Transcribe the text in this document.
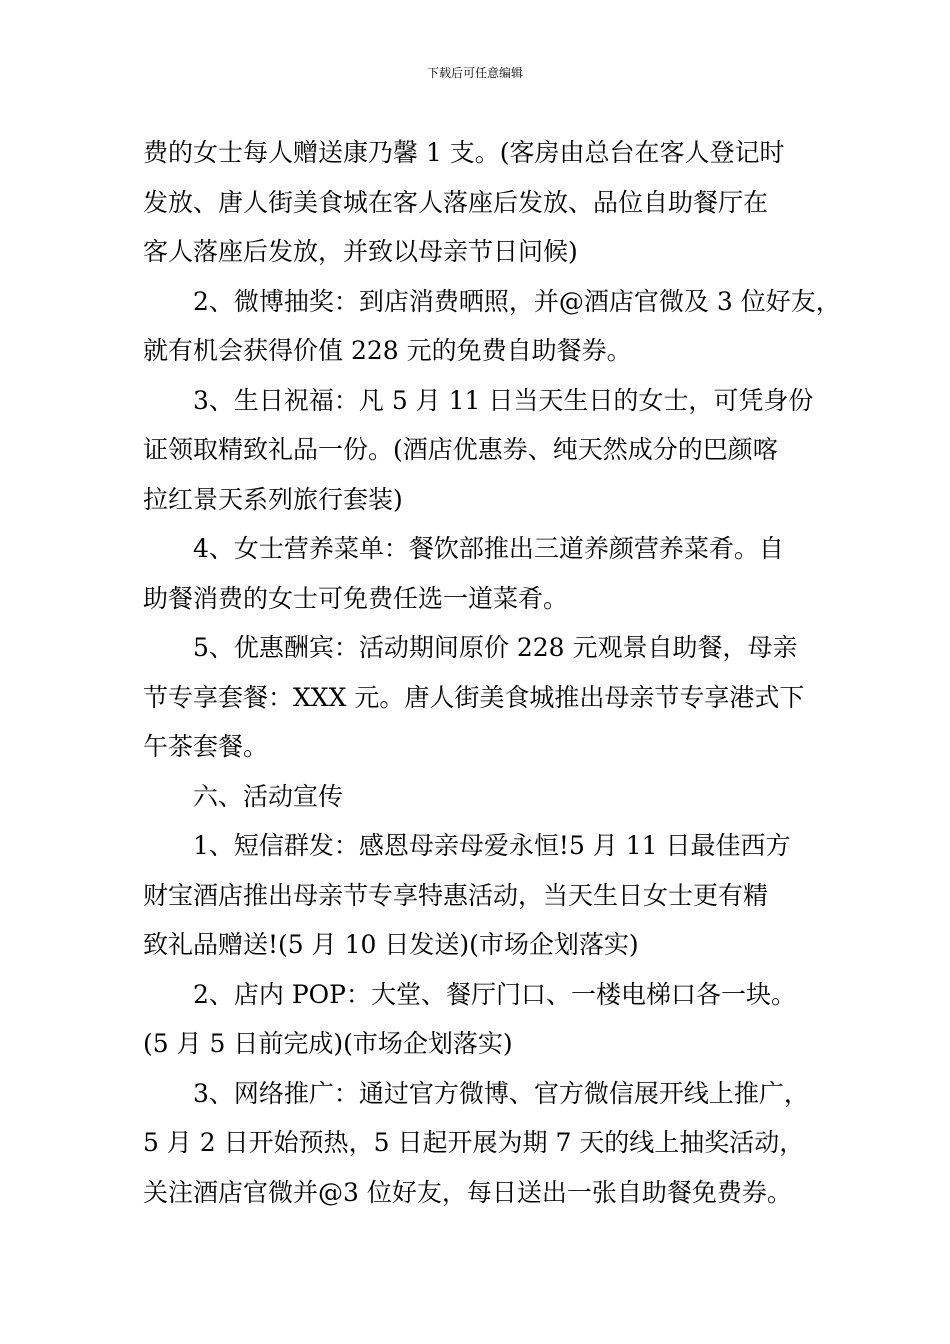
下载后可任意编辑
费的女士每人赠送康乃馨 1 支。(客房由总台在客人登记时
发放、唐人街美食城在客人落座后发放、品位自助餐厅在
客人落座后发放，并致以母亲节日问候)
2、微博抽奖：到店消费晒照，并@酒店官微及 3 位好友，
就有机会获得价值 228 元的免费自助餐券。
3、生日祝福：凡 5 月 11 日当天生日的女士，可凭身份
证领取精致礼品一份。(酒店优惠券、纯天然成分的巴颜喀
拉红景天系列旅行套装)
4、女士营养菜单：餐饮部推出三道养颜营养菜肴。自
助餐消费的女士可免费任选一道菜肴。
5、优惠酬宾：活动期间原价 228 元观景自助餐，母亲
节专享套餐：XXX 元。唐人街美食城推出母亲节专享港式下
午茶套餐。
六、活动宣传
1、短信群发：感恩母亲母爱永恒!5 月 11 日最佳西方
财宝酒店推出母亲节专享特惠活动，当天生日女士更有精
致礼品赠送!(5 月 10 日发送)(市场企划落实)
2、店内 POP：大堂、餐厅门口、一楼电梯口各一块。
(5 月 5 日前完成)(市场企划落实)
3、网络推广：通过官方微博、官方微信展开线上推广，
5 月 2 日开始预热，5 日起开展为期 7 天的线上抽奖活动，
关注酒店官微并@3 位好友，每日送出一张自助餐免费券。
